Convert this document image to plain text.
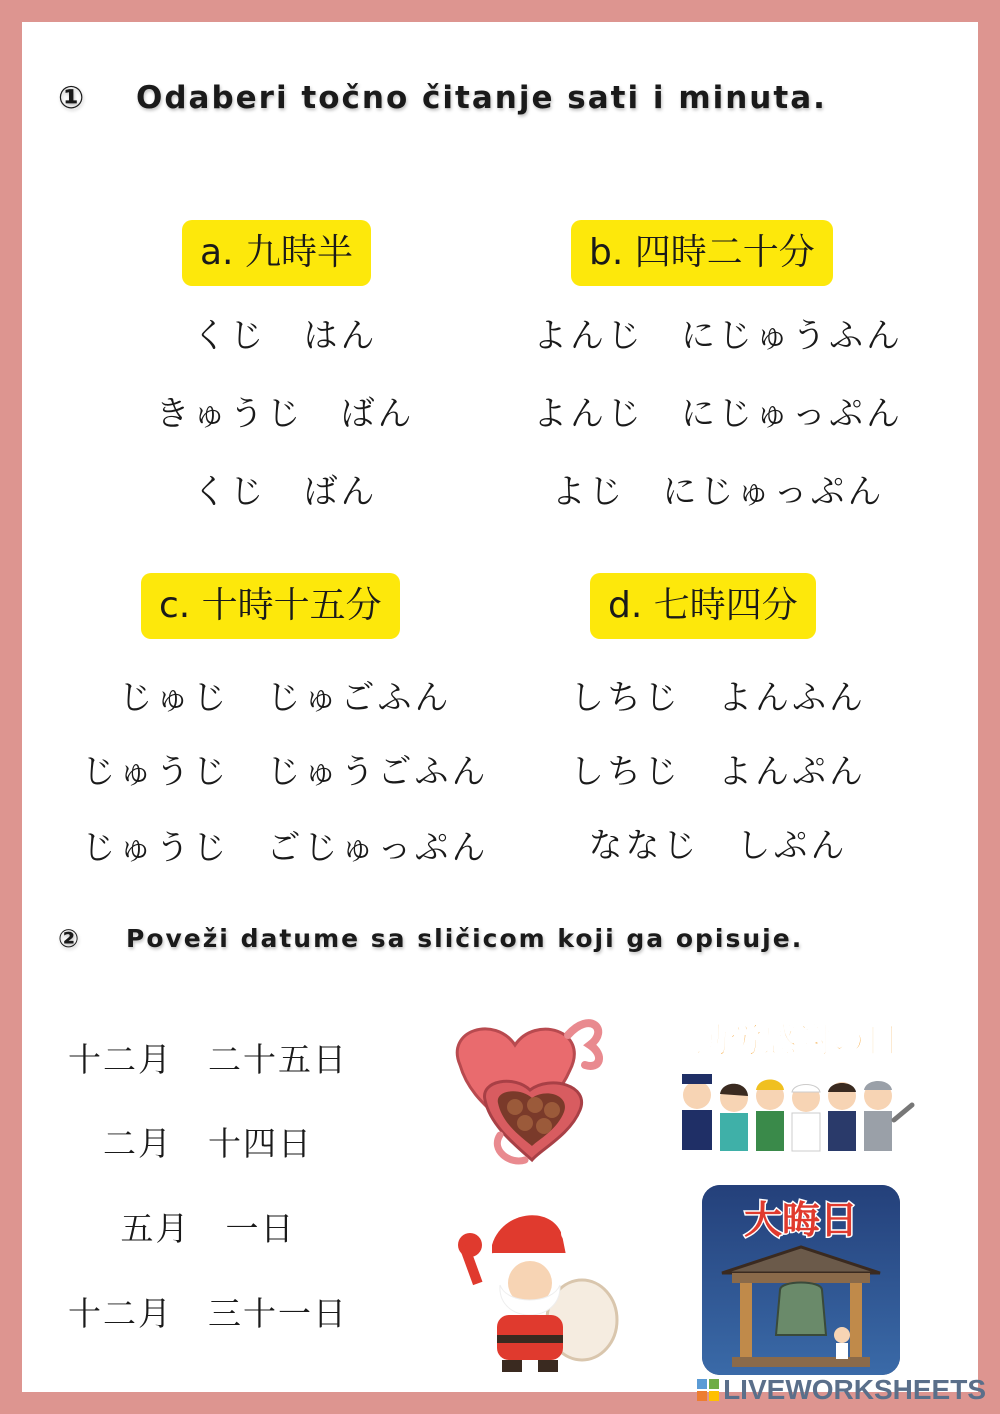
① Odaberi točno čitanje sati i minuta.
a. 九時半
くじ　はん
きゅうじ　ばん
くじ　ばん
b. 四時二十分
よんじ　にじゅうふん
よんじ　にじゅっぷん
よじ　にじゅっぷん
c. 十時十五分
じゅじ　じゅごふん
じゅうじ　じゅうごふん
じゅうじ　ごじゅっぷん
d. 七時四分
しちじ　よんふん
しちじ　よんぷん
ななじ　しぷん
② Poveži datume sa sličicom koji ga opisuje.
十二月　二十五日
二月　十四日
五月　一日
十二月　三十一日
勤労感謝の日
大晦日
LIVEWORKSHEETS
